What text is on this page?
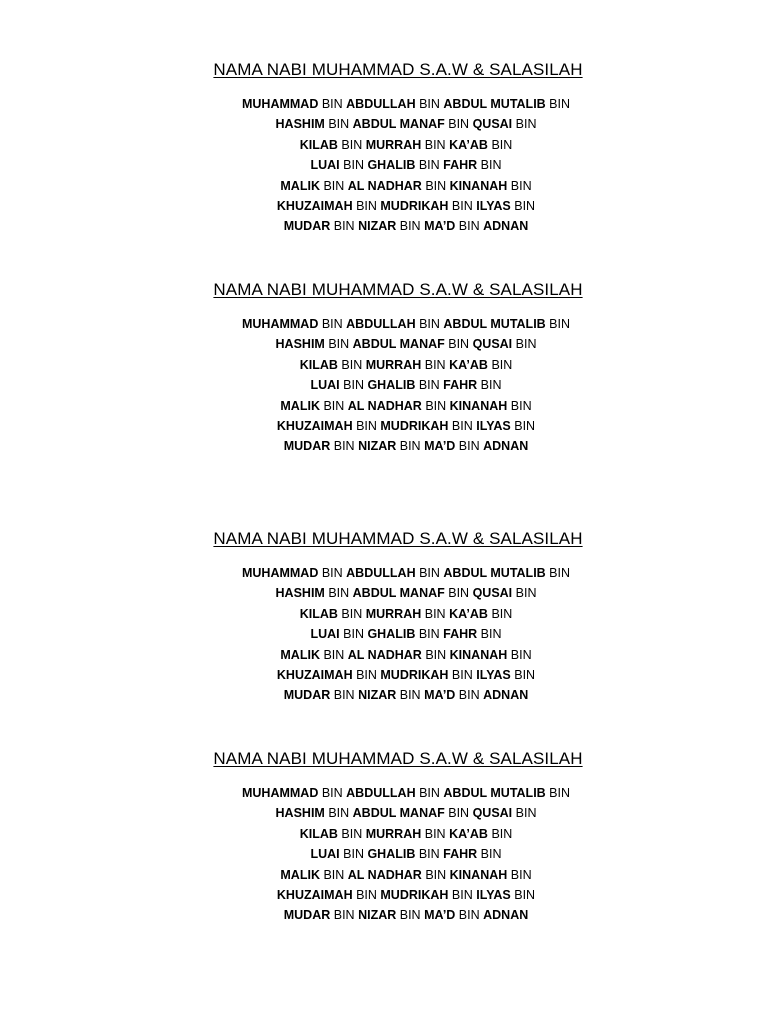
NAMA NABI MUHAMMAD S.A.W & SALASILAH
MUHAMMAD BIN ABDULLAH BIN ABDUL MUTALIB BIN
HASHIM BIN ABDUL MANAF BIN QUSAI BIN
KILAB BIN MURRAH BIN KA’AB BIN
LUAI BIN GHALIB BIN FAHR BIN
MALIK BIN AL NADHAR BIN KINANAH BIN
KHUZAIMAH BIN MUDRIKAH BIN ILYAS BIN
MUDAR BIN NIZAR BIN MA’D BIN ADNAN
NAMA NABI MUHAMMAD S.A.W & SALASILAH
MUHAMMAD BIN ABDULLAH BIN ABDUL MUTALIB BIN
HASHIM BIN ABDUL MANAF BIN QUSAI BIN
KILAB BIN MURRAH BIN KA’AB BIN
LUAI BIN GHALIB BIN FAHR BIN
MALIK BIN AL NADHAR BIN KINANAH BIN
KHUZAIMAH BIN MUDRIKAH BIN ILYAS BIN
MUDAR BIN NIZAR BIN MA’D BIN ADNAN
NAMA NABI MUHAMMAD S.A.W & SALASILAH
MUHAMMAD BIN ABDULLAH BIN ABDUL MUTALIB BIN
HASHIM BIN ABDUL MANAF BIN QUSAI BIN
KILAB BIN MURRAH BIN KA’AB BIN
LUAI BIN GHALIB BIN FAHR BIN
MALIK BIN AL NADHAR BIN KINANAH BIN
KHUZAIMAH BIN MUDRIKAH BIN ILYAS BIN
MUDAR BIN NIZAR BIN MA’D BIN ADNAN
NAMA NABI MUHAMMAD S.A.W & SALASILAH
MUHAMMAD BIN ABDULLAH BIN ABDUL MUTALIB BIN
HASHIM BIN ABDUL MANAF BIN QUSAI BIN
KILAB BIN MURRAH BIN KA’AB BIN
LUAI BIN GHALIB BIN FAHR BIN
MALIK BIN AL NADHAR BIN KINANAH BIN
KHUZAIMAH BIN MUDRIKAH BIN ILYAS BIN
MUDAR BIN NIZAR BIN MA’D BIN ADNAN
